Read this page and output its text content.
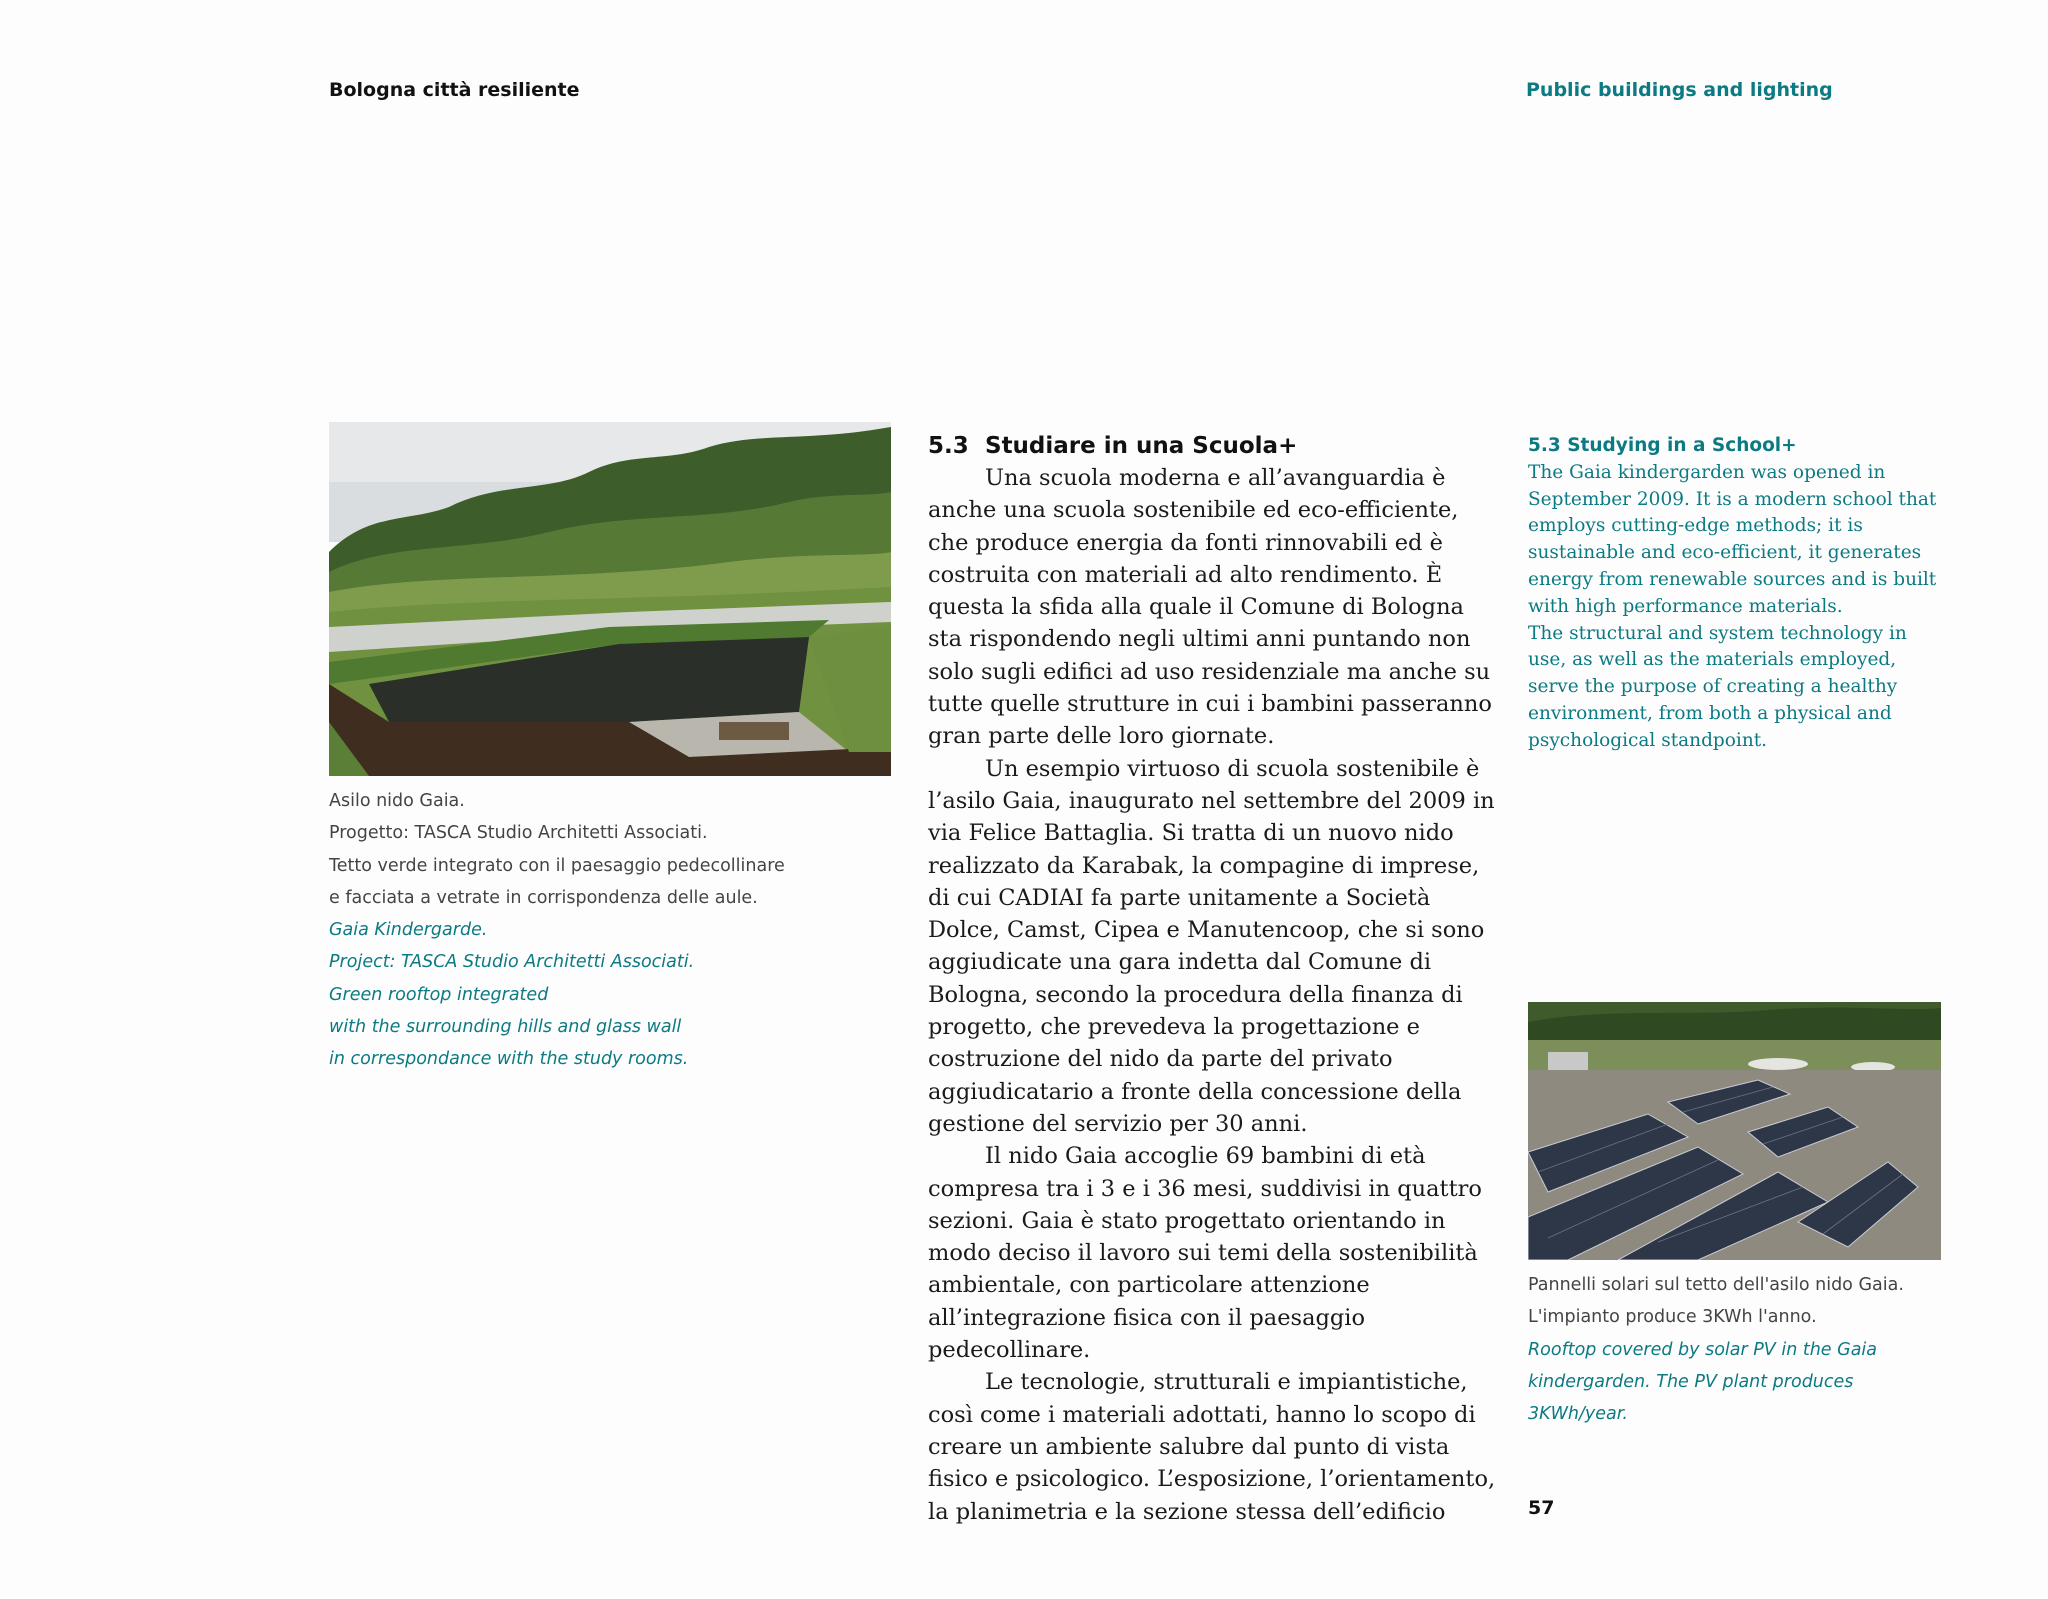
Bologna città resiliente	Public buildings and lighting

Asilo nido Gaia.

Progetto: TASCA Studio Architetti Associati.

Tetto verde integrato con il paesaggio pedecollinare

e facciata a vetrate in corrispondenza delle aule.

Gaia Kindergarde.

Project: TASCA Studio Architetti Associati.

Green rooftop integrated

with the surrounding hills and glass wall

in correspondance with the study rooms.

5.3 Studiare in una Scuola+

Una scuola moderna e all’avanguardia è anche una scuola sostenibile ed eco-efficiente, che produce energia da fonti rinnovabili ed è costruita con materiali ad alto rendimento. È questa la sfida alla quale il Comune di Bologna sta rispondendo negli ultimi anni puntando non solo sugli edifici ad uso residenziale ma anche su tutte quelle strutture in cui i bambini passeranno gran parte delle loro giornate.

Un esempio virtuoso di scuola sostenibile è l’asilo Gaia, inaugurato nel settembre del 2009 in via Felice Battaglia. Si tratta di un nuovo nido realizzato da Karabak, la compagine di imprese, di cui CADIAI fa parte unitamente a Società Dolce, Camst, Cipea e Manutencoop, che si sono aggiudicate una gara indetta dal Comune di Bologna, secondo la procedura della finanza di progetto, che prevedeva la progettazione e costruzione del nido da parte del privato aggiudicatario a fronte della concessione della gestione del servizio per 30 anni.

Il nido Gaia accoglie 69 bambini di età compresa tra i 3 e i 36 mesi, suddivisi in quattro sezioni. Gaia è stato progettato orientando in modo deciso il lavoro sui temi della sostenibilità ambientale, con particolare attenzione all’integrazione fisica con il paesaggio pedecollinare.

Le tecnologie, strutturali e impiantistiche, così come i materiali adottati, hanno lo scopo di creare un ambiente salubre dal punto di vista fisico e psicologico. L’esposizione, l’orientamento, la planimetria e la sezione stessa dell’edificio

5.3 Studying in a School+

The Gaia kindergarden was opened in September 2009. It is a modern school that employs cutting-edge methods; it is sustainable and eco-efficient, it generates energy from renewable sources and is built with high performance materials.

The structural and system technology in use, as well as the materials employed, serve the purpose of creating a healthy environment, from both a physical and psychological standpoint.

Pannelli solari sul tetto dell'asilo nido Gaia.

L'impianto produce 3KWh l'anno.

Rooftop covered by solar PV in the Gaia

kindergarden. The PV plant produces

3KWh/year.

57
